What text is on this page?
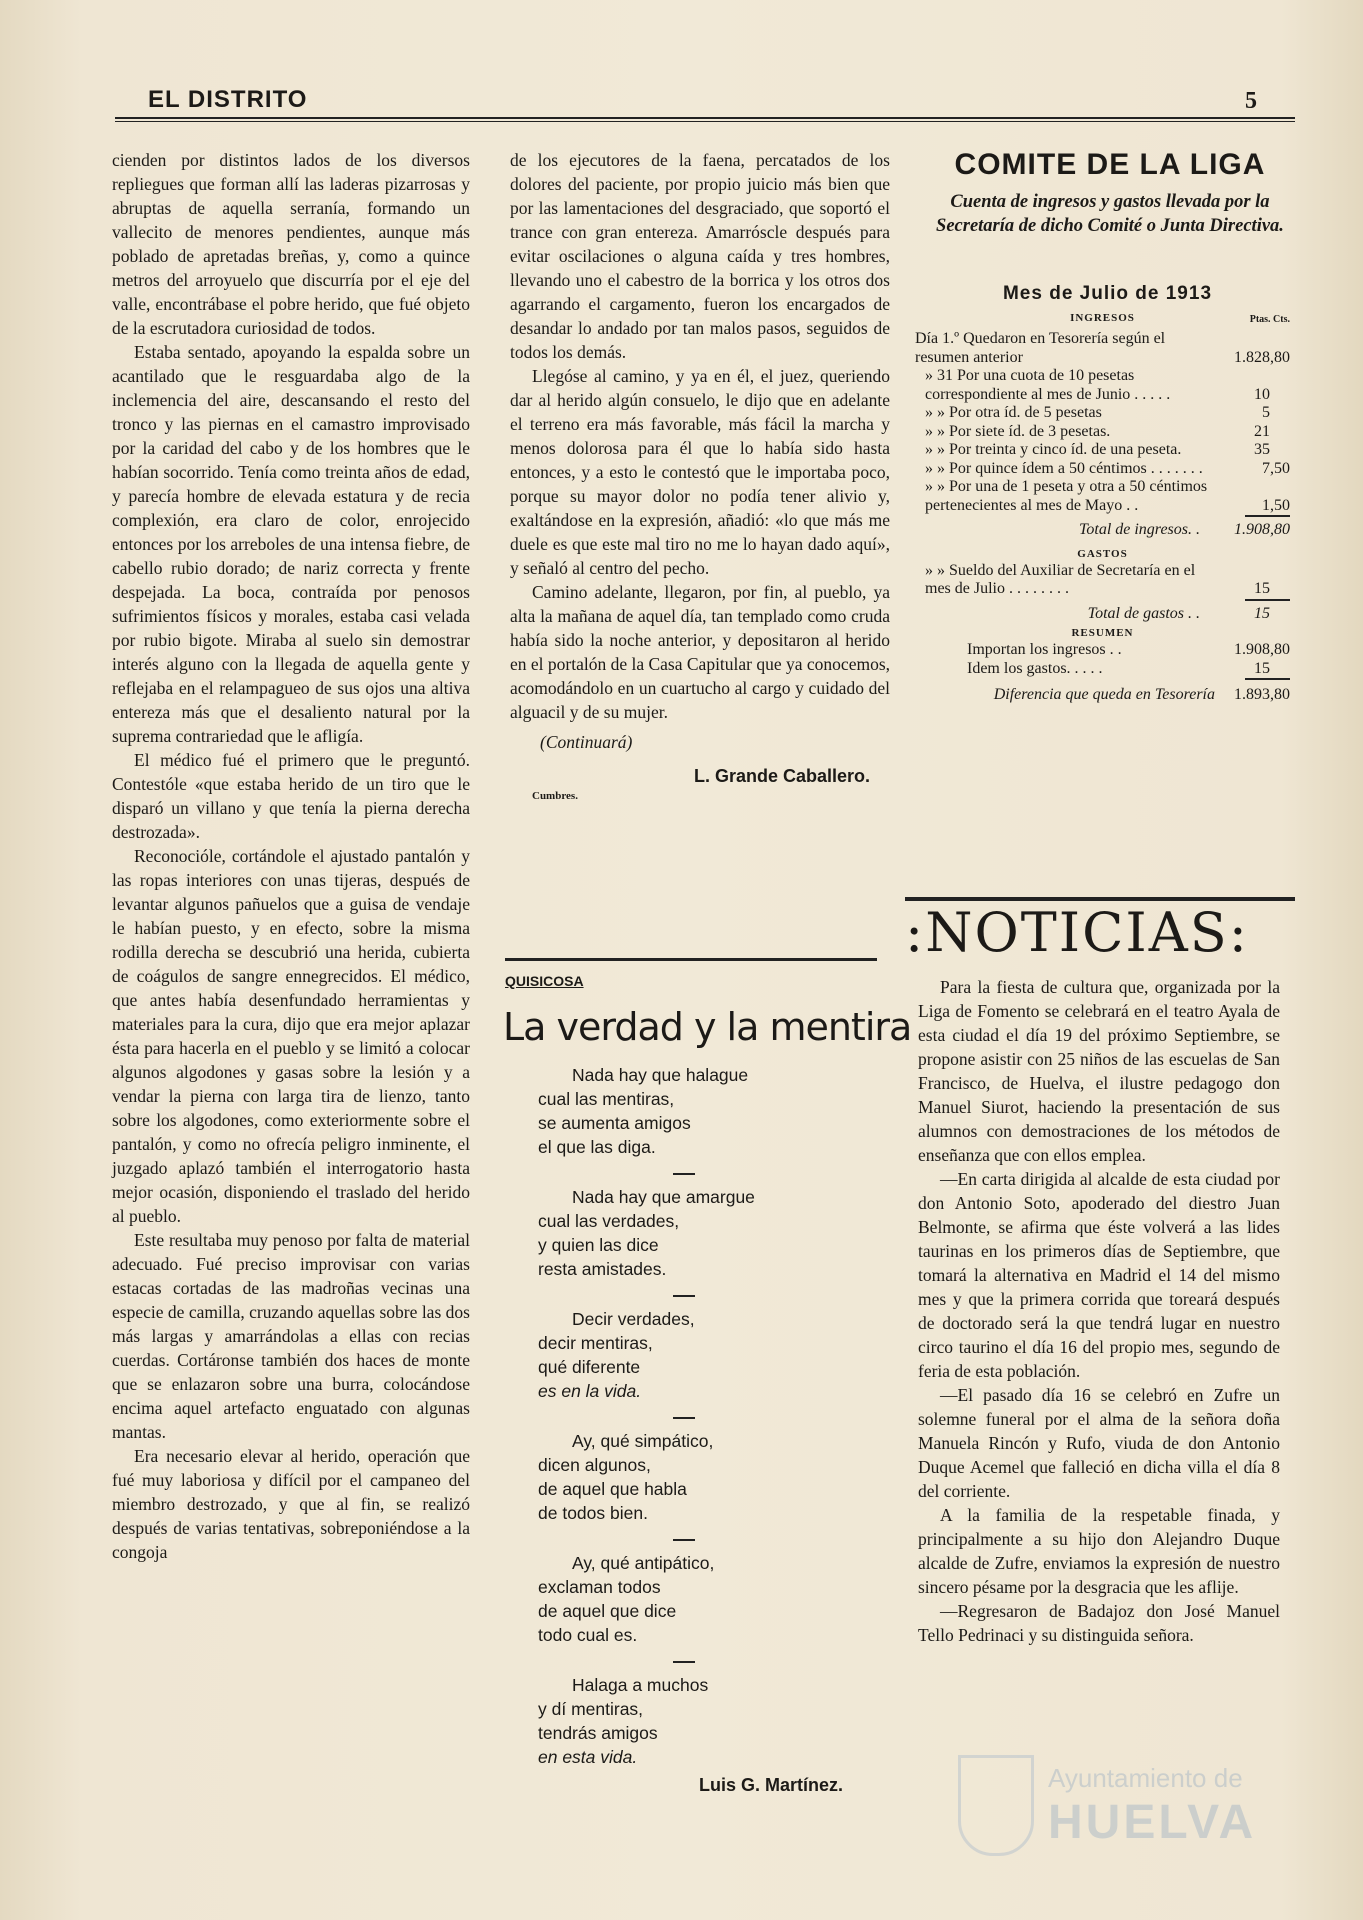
EL DISTRITO	5

cienden por distintos lados de los diversos repliegues que forman allí las laderas pizarrosas y abruptas de aquella serranía, formando un vallecito de menores pendientes, aunque más poblado de apretadas breñas, y, como a quince metros del arroyuelo que discurría por el eje del valle, encontrábase el pobre herido, que fué objeto de la escrutadora curiosidad de todos.

Estaba sentado, apoyando la espalda sobre un acantilado que le resguardaba algo de la inclemencia del aire, descansando el resto del tronco y las piernas en el camastro improvisado por la caridad del cabo y de los hombres que le habían socorrido. Tenía como treinta años de edad, y parecía hombre de elevada estatura y de recia complexión, era claro de color, enrojecido entonces por los arreboles de una intensa fiebre, de cabello rubio dorado; de nariz correcta y frente despejada. La boca, contraída por penosos sufrimientos físicos y morales, estaba casi velada por rubio bigote. Miraba al suelo sin demostrar interés alguno con la llegada de aquella gente y reflejaba en el relampagueo de sus ojos una altiva entereza más que el desaliento natural por la suprema contrariedad que le afligía.

El médico fué el primero que le preguntó. Contestóle «que estaba herido de un tiro que le disparó un villano y que tenía la pierna derecha destrozada».

Reconocióle, cortándole el ajustado pantalón y las ropas interiores con unas tijeras, después de levantar algunos pañuelos que a guisa de vendaje le habían puesto, y en efecto, sobre la misma rodilla derecha se descubrió una herida, cubierta de coágulos de sangre ennegrecidos. El médico, que antes había desenfundado herramientas y materiales para la cura, dijo que era mejor aplazar ésta para hacerla en el pueblo y se limitó a colocar algunos algodones y gasas sobre la lesión y a vendar la pierna con larga tira de lienzo, tanto sobre los algodones, como exteriormente sobre el pantalón, y como no ofrecía peligro inminente, el juzgado aplazó también el interrogatorio hasta mejor ocasión, disponiendo el traslado del herido al pueblo.

Este resultaba muy penoso por falta de material adecuado. Fué preciso improvisar con varias estacas cortadas de las madroñas vecinas una especie de camilla, cruzando aquellas sobre las dos más largas y amarrándolas a ellas con recias cuerdas. Cortáronse también dos haces de monte que se enlazaron sobre una burra, colocándose encima aquel artefacto enguatado con algunas mantas.

Era necesario elevar al herido, operación que fué muy laboriosa y difícil por el campaneo del miembro destrozado, y que al fin, se realizó después de varias tentativas, sobreponiéndose a la congoja

de los ejecutores de la faena, percatados de los dolores del paciente, por propio juicio más bien que por las lamentaciones del desgraciado, que soportó el trance con gran entereza. Amarróscle después para evitar oscilaciones o alguna caída y tres hombres, llevando uno el cabestro de la borrica y los otros dos agarrando el cargamento, fueron los encargados de desandar lo andado por tan malos pasos, seguidos de todos los demás.

Llegóse al camino, y ya en él, el juez, queriendo dar al herido algún consuelo, le dijo que en adelante el terreno era más favorable, más fácil la marcha y menos dolorosa para él que lo había sido hasta entonces, y a esto le contestó que le importaba poco, porque su mayor dolor no podía tener alivio y, exaltándose en la expresión, añadió: «lo que más me duele es que este mal tiro no me lo hayan dado aquí», y señaló al centro del pecho.

Camino adelante, llegaron, por fin, al pueblo, ya alta la mañana de aquel día, tan templado como cruda había sido la noche anterior, y depositaron al herido en el portalón de la Casa Capitular que ya conocemos, acomodándolo en un cuartucho al cargo y cuidado del alguacil y de su mujer.

(Continuará)
L. Grande Caballero.
Cumbres.
QUISICOSA
La verdad y la mentira
Nada hay que halague
cual las mentiras,
se aumenta amigos
el que las diga.
Nada hay que amargue
cual las verdades,
y quien las dice
resta amistades.
Decir verdades,
decir mentiras,
qué diferente
es en la vida.
Ay, qué simpático,
dicen algunos,
de aquel que habla
de todos bien.
Ay, qué antipático,
exclaman todos
de aquel que dice
todo cual es.
Halaga a muchos
y dí mentiras,
tendrás amigos
en esta vida.
Luis G. Martínez.
COMITE DE LA LIGA
Cuenta de ingresos y gastos llevada por la Secretaría de dicho Comité o Junta Directiva.
Mes de Julio de 1913
INGRESOS	Ptas. Cts.
Día 1.º Quedaron en Tesorería según el resumen anterior	1.828,80
» 31 Por una cuota de 10 pesetas correspondiente al mes de Junio . . . . .	10
» » Por otra íd. de 5 pesetas	5
» » Por siete íd. de 3 pesetas.	21
» » Por treinta y cinco íd. de una peseta.	35
» » Por quince ídem a 50 céntimos . . . . . . .	7,50
» » Por una de 1 peseta y otra a 50 céntimos pertenecientes al mes de Mayo . .	1,50
Total de ingresos. . 1.908,80
GASTOS
» » Sueldo del Auxiliar de Secretaría en el mes de Julio . . . . . . . .	15
Total de gastos . .	15
RESUMEN
Importan los ingresos . .	1.908,80
Idem los gastos. . . . .	15
Diferencia que queda en Tesorería 1.893,80
:NOTICIAS:

Para la fiesta de cultura que, organizada por la Liga de Fomento se celebrará en el teatro Ayala de esta ciudad el día 19 del próximo Septiembre, se propone asistir con 25 niños de las escuelas de San Francisco, de Huelva, el ilustre pedagogo don Manuel Siurot, haciendo la presentación de sus alumnos con demostraciones de los métodos de enseñanza que con ellos emplea.

—En carta dirigida al alcalde de esta ciudad por don Antonio Soto, apoderado del diestro Juan Belmonte, se afirma que éste volverá a las lides taurinas en los primeros días de Septiembre, que tomará la alternativa en Madrid el 14 del mismo mes y que la primera corrida que toreará después de doctorado será la que tendrá lugar en nuestro circo taurino el día 16 del propio mes, segundo de feria de esta población.

—El pasado día 16 se celebró en Zufre un solemne funeral por el alma de la señora doña Manuela Rincón y Rufo, viuda de don Antonio Duque Acemel que falleció en dicha villa el día 8 del corriente.

A la familia de la respetable finada, y principalmente a su hijo don Alejandro Duque alcalde de Zufre, enviamos la expresión de nuestro sincero pésame por la desgracia que les aflije.

—Regresaron de Badajoz don José Manuel Tello Pedrinaci y su distinguida señora.

Ayuntamiento de
HUELVA
